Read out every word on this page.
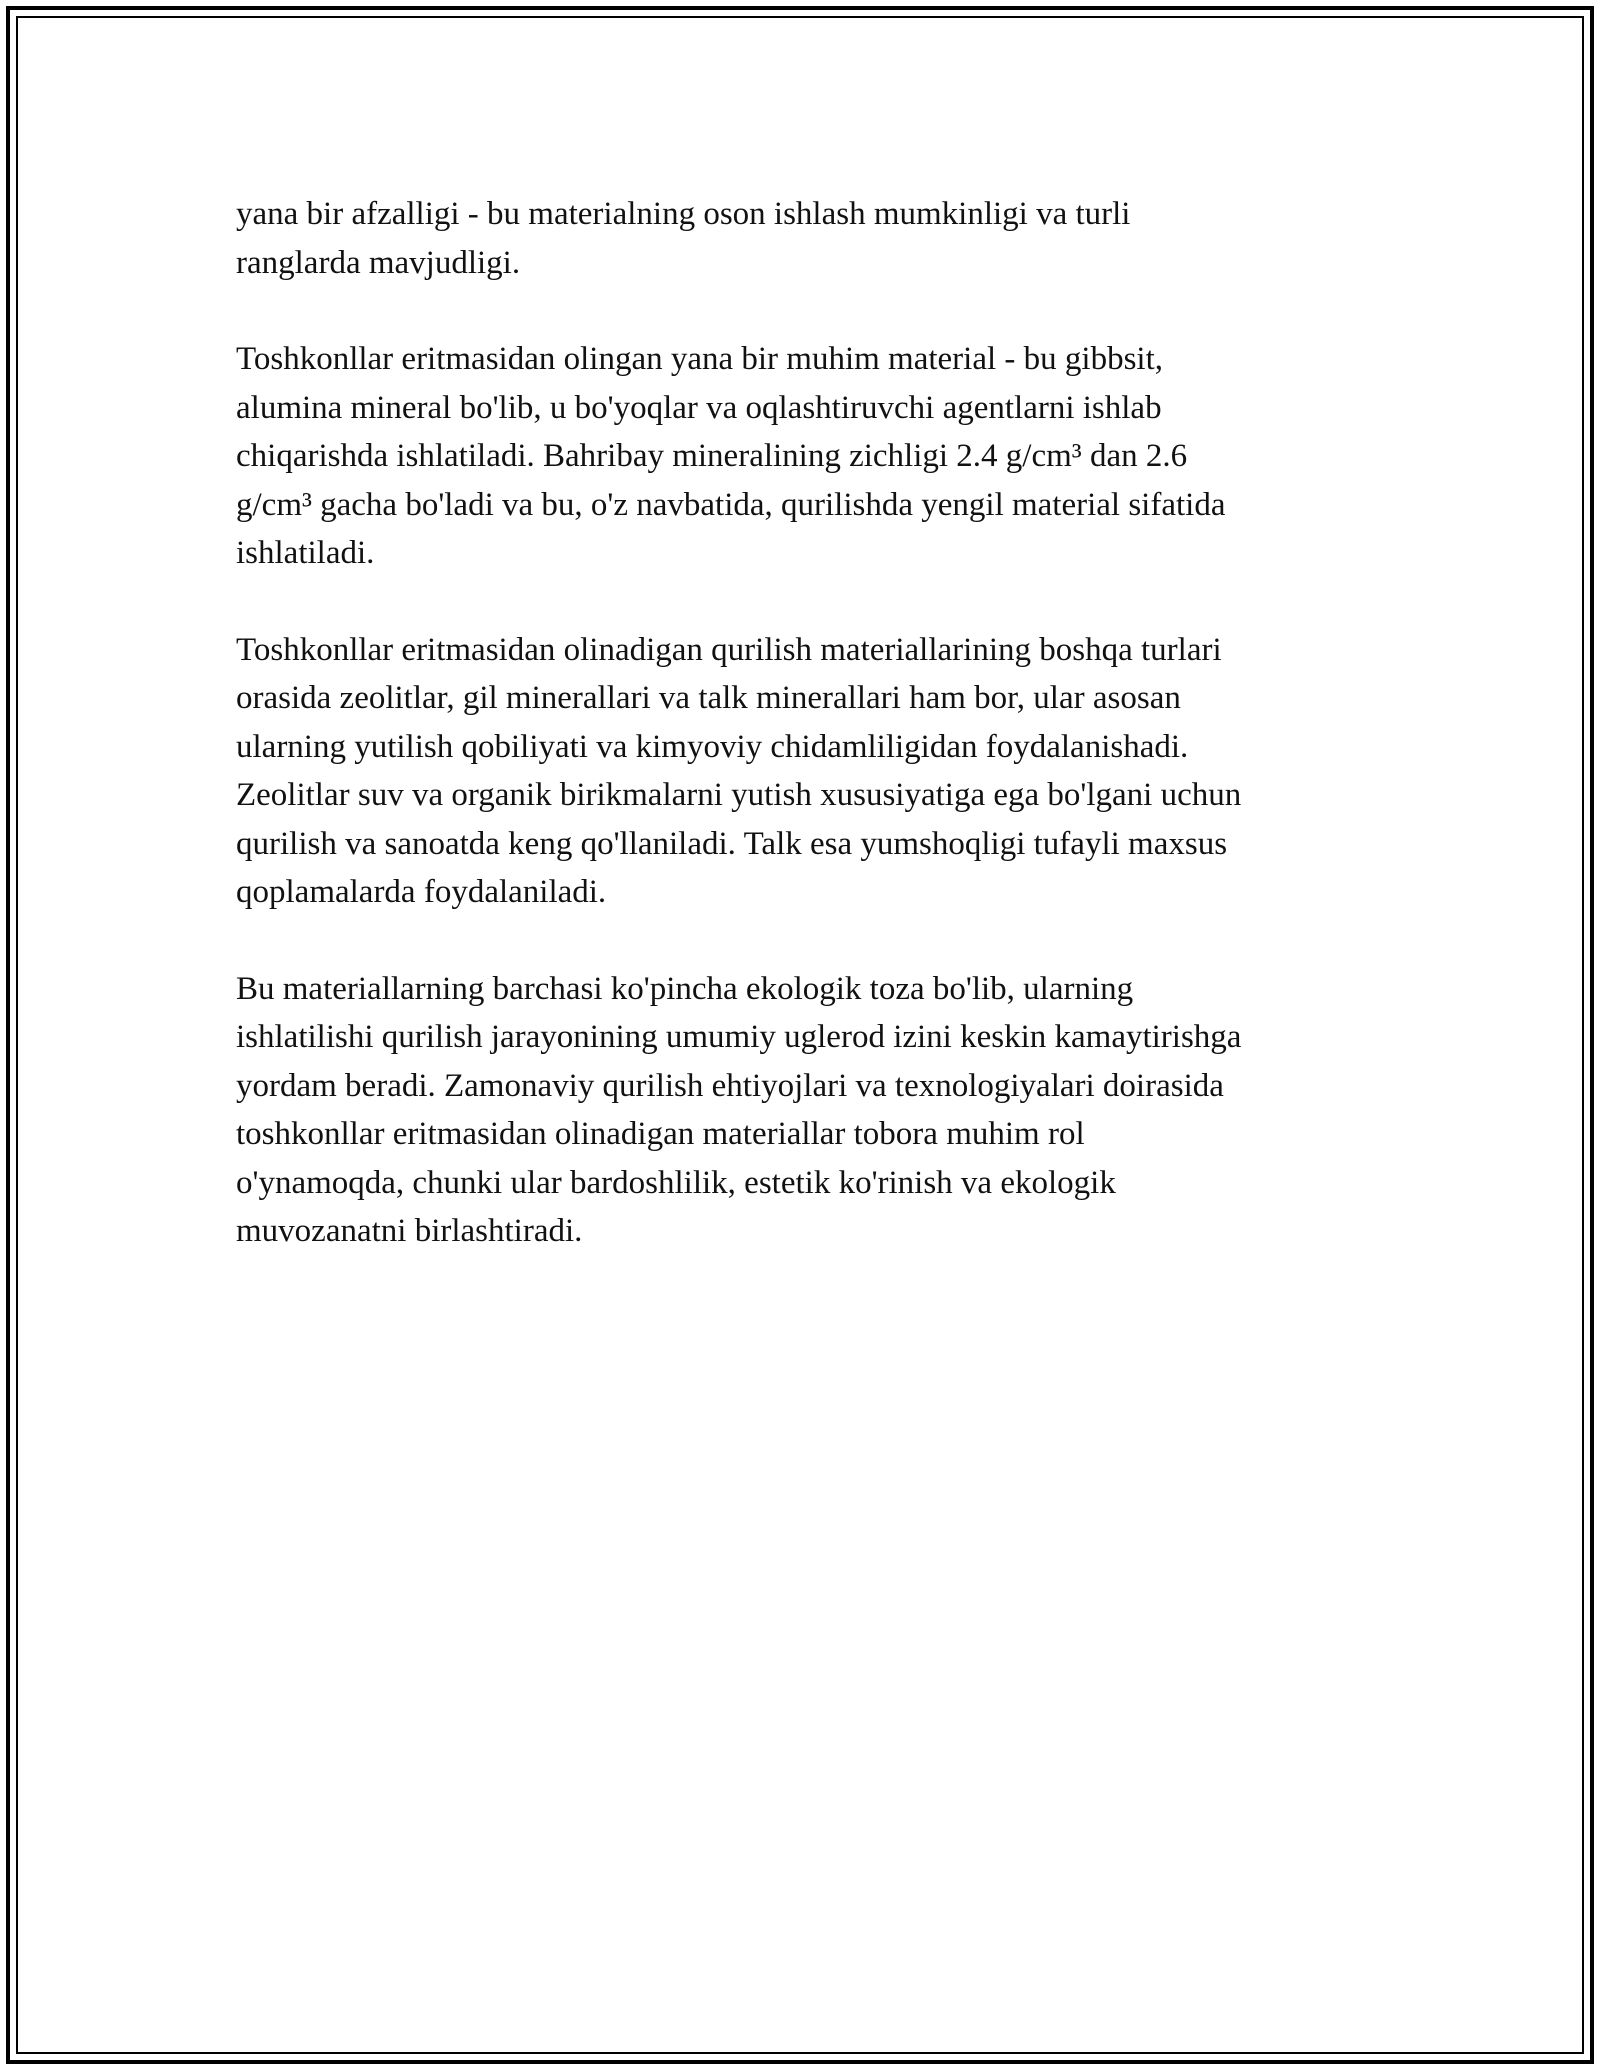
yana bir afzalligi - bu materialning oson ishlash mumkinligi va turli
ranglarda mavjudligi.

Toshkonllar eritmasidan olingan yana bir muhim material - bu gibbsit,
alumina mineral bo'lib, u bo'yoqlar va oqlashtiruvchi agentlarni ishlab
chiqarishda ishlatiladi. Bahribay mineralining zichligi 2.4 g/cm³ dan 2.6
g/cm³ gacha bo'ladi va bu, o'z navbatida, qurilishda yengil material sifatida
ishlatiladi.

Toshkonllar eritmasidan olinadigan qurilish materiallarining boshqa turlari
orasida zeolitlar, gil minerallari va talk minerallari ham bor, ular asosan
ularning yutilish qobiliyati va kimyoviy chidamliligidan foydalanishadi.
Zeolitlar suv va organik birikmalarni yutish xususiyatiga ega bo'lgani uchun
qurilish va sanoatda keng qo'llaniladi. Talk esa yumshoqligi tufayli maxsus
qoplamalarda foydalaniladi.

Bu materiallarning barchasi ko'pincha ekologik toza bo'lib, ularning
ishlatilishi qurilish jarayonining umumiy uglerod izini keskin kamaytirishga
yordam beradi. Zamonaviy qurilish ehtiyojlari va texnologiyalari doirasida
toshkonllar eritmasidan olinadigan materiallar tobora muhim rol
o'ynamoqda, chunki ular bardoshlilik, estetik ko'rinish va ekologik
muvozanatni birlashtiradi.
